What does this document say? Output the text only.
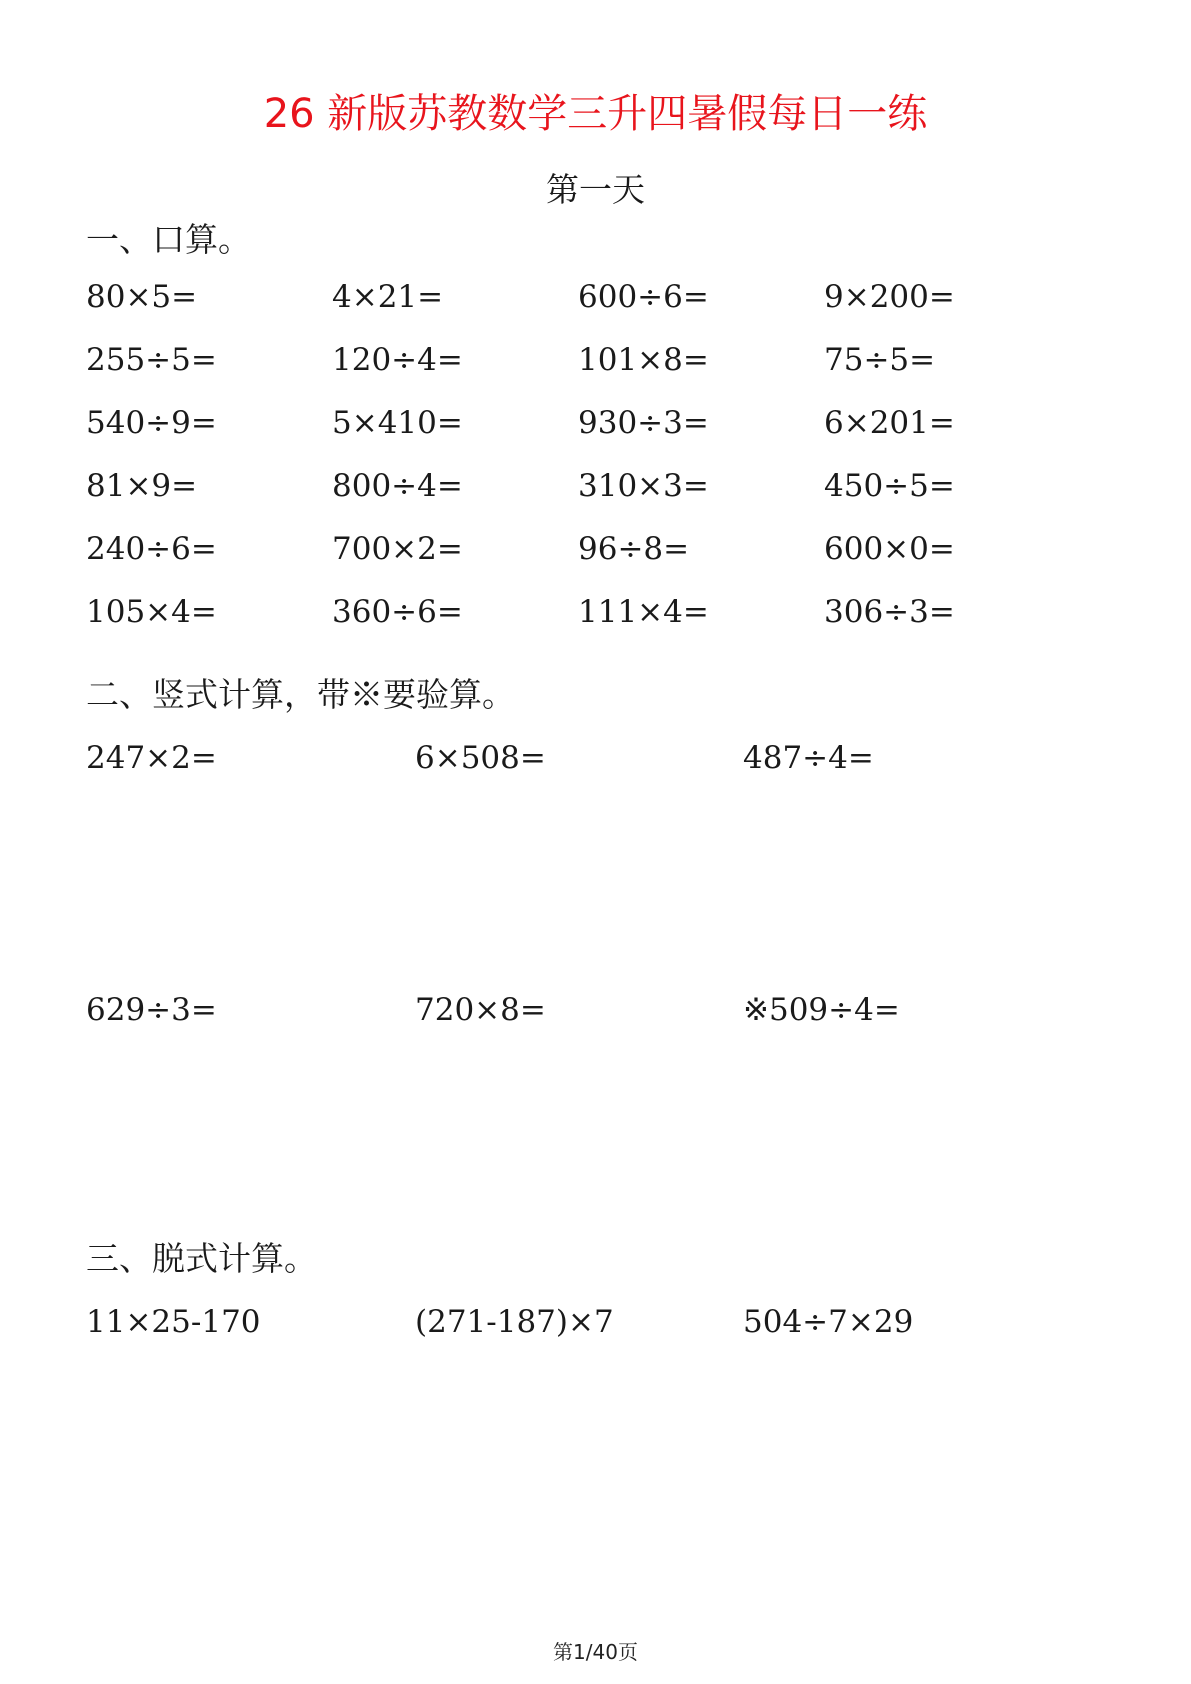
26 新版苏教数学三升四暑假每日一练
第一天
一、口算。
80×5=	4×21=	600÷6=	9×200=
255÷5=	120÷4=	101×8=	75÷5=
540÷9=	5×410=	930÷3=	6×201=
81×9=	800÷4=	310×3=	450÷5=
240÷6=	700×2=	96÷8=	600×0=
105×4=	360÷6=	111×4=	306÷3=
二、竖式计算，带※要验算。
247×2=	6×508=	487÷4=
629÷3=	720×8=	※509÷4=
三、脱式计算。
11×25-170	(271-187)×7	504÷7×29
第1/40页
